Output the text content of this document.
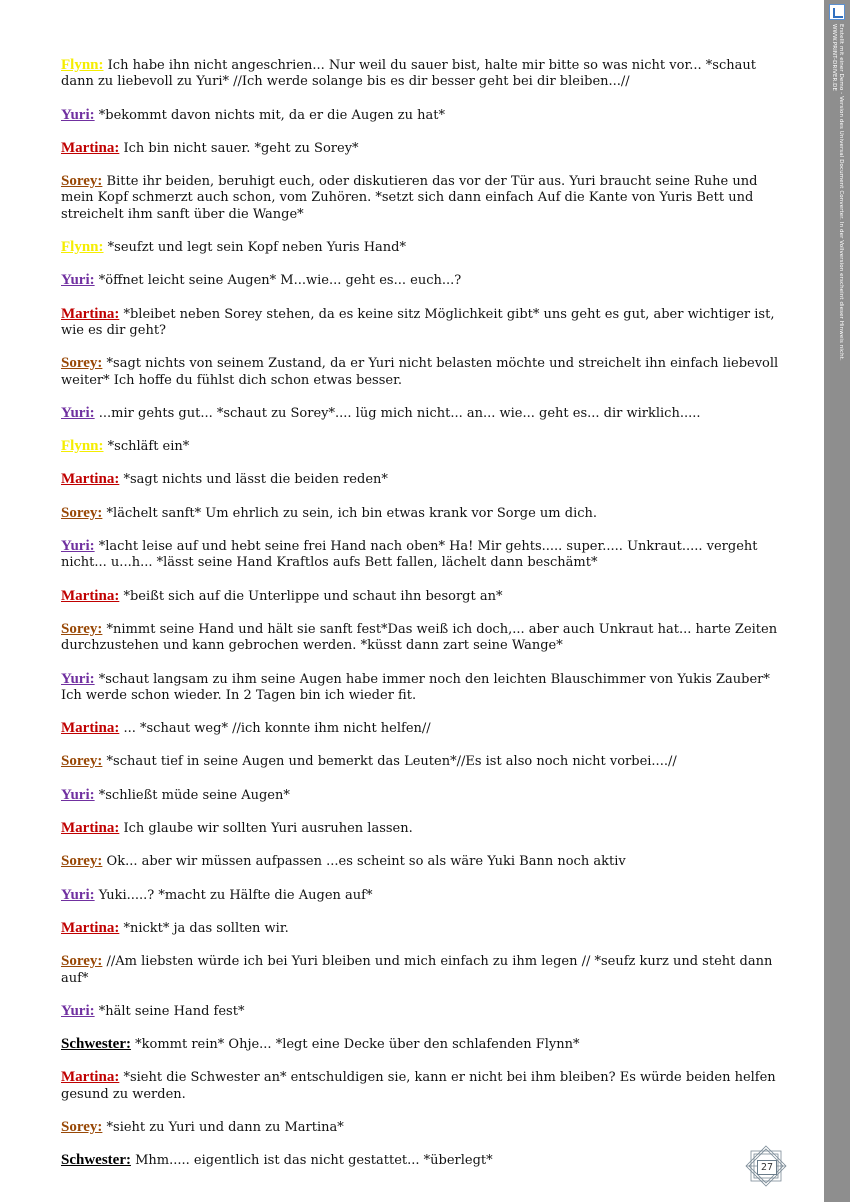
Flynn: Ich habe ihn nicht angeschrien... Nur weil du sauer bist, halte mir bitte so was nicht vor... *schaut dann zu liebevoll zu Yuri* //Ich werde solange bis es dir besser geht bei dir bleiben...//

Yuri: *bekommt davon nichts mit, da er die Augen zu hat*

Martina: Ich bin nicht sauer. *geht zu Sorey*

Sorey: Bitte ihr beiden, beruhigt euch, oder diskutieren das vor der Tür aus. Yuri braucht seine Ruhe und mein Kopf schmerzt auch schon, vom Zuhören. *setzt sich dann einfach Auf die Kante von Yuris Bett und streichelt ihm sanft über die Wange*

Flynn: *seufzt und legt sein Kopf neben Yuris Hand*

Yuri: *öffnet leicht seine Augen* M...wie... geht es... euch...?

Martina: *bleibet neben Sorey stehen, da es keine sitz Möglichkeit gibt* uns geht es gut, aber wichtiger ist, wie es dir geht?

Sorey: *sagt nichts von seinem Zustand, da er Yuri nicht belasten möchte und streichelt ihn einfach liebevoll weiter* Ich hoffe du fühlst dich schon etwas besser.

Yuri: ...mir gehts gut... *schaut zu Sorey*.... lüg mich nicht... an... wie... geht es... dir wirklich.....

Flynn: *schläft ein*

Martina: *sagt nichts und lässt die beiden reden*

Sorey: *lächelt sanft* Um ehrlich zu sein, ich bin etwas krank vor Sorge um dich.

Yuri: *lacht leise auf und hebt seine frei Hand nach oben* Ha! Mir gehts..... super..... Unkraut..... vergeht nicht... u...h... *lässt seine Hand Kraftlos aufs Bett fallen, lächelt dann beschämt*

Martina: *beißt sich auf die Unterlippe und schaut ihn besorgt an*

Sorey: *nimmt seine Hand und hält sie sanft fest*Das weiß ich doch,... aber auch Unkraut hat... harte Zeiten durchzustehen und kann gebrochen werden. *küsst dann zart seine Wange*

Yuri: *schaut langsam zu ihm seine Augen habe immer noch den leichten Blauschimmer von Yukis Zauber* Ich werde schon wieder. In 2 Tagen bin ich wieder fit.

Martina: ... *schaut weg* //ich konnte ihm nicht helfen//

Sorey: *schaut tief in seine Augen und bemerkt das Leuten*//Es ist also noch nicht vorbei....//

Yuri: *schließt müde seine Augen*

Martina: Ich glaube wir sollten Yuri ausruhen lassen.

Sorey: Ok... aber wir müssen aufpassen ...es scheint so als wäre Yuki Bann noch aktiv

Yuri: Yuki.....? *macht zu Hälfte die Augen auf*

Martina: *nickt* ja das sollten wir.

Sorey: //Am liebsten würde ich bei Yuri bleiben und mich einfach zu ihm legen // *seufz kurz und steht dann auf*

Yuri: *hält seine Hand fest*

Schwester: *kommt rein* Ohje... *legt eine Decke über den schlafenden Flynn*

Martina: *sieht die Schwester an* entschuldigen sie, kann er nicht bei ihm bleiben? Es würde beiden helfen gesund zu werden.

Sorey: *sieht zu Yuri und dann zu Martina*

Schwester: Mhm..... eigentlich ist das nicht gestattet... *überlegt*	27
Erstellt mit einer Demo - Version des Universal Document Converter. In der Vollversion erscheint dieser Hinweis nicht.
WWW.PRINT-DRIVER.DE
